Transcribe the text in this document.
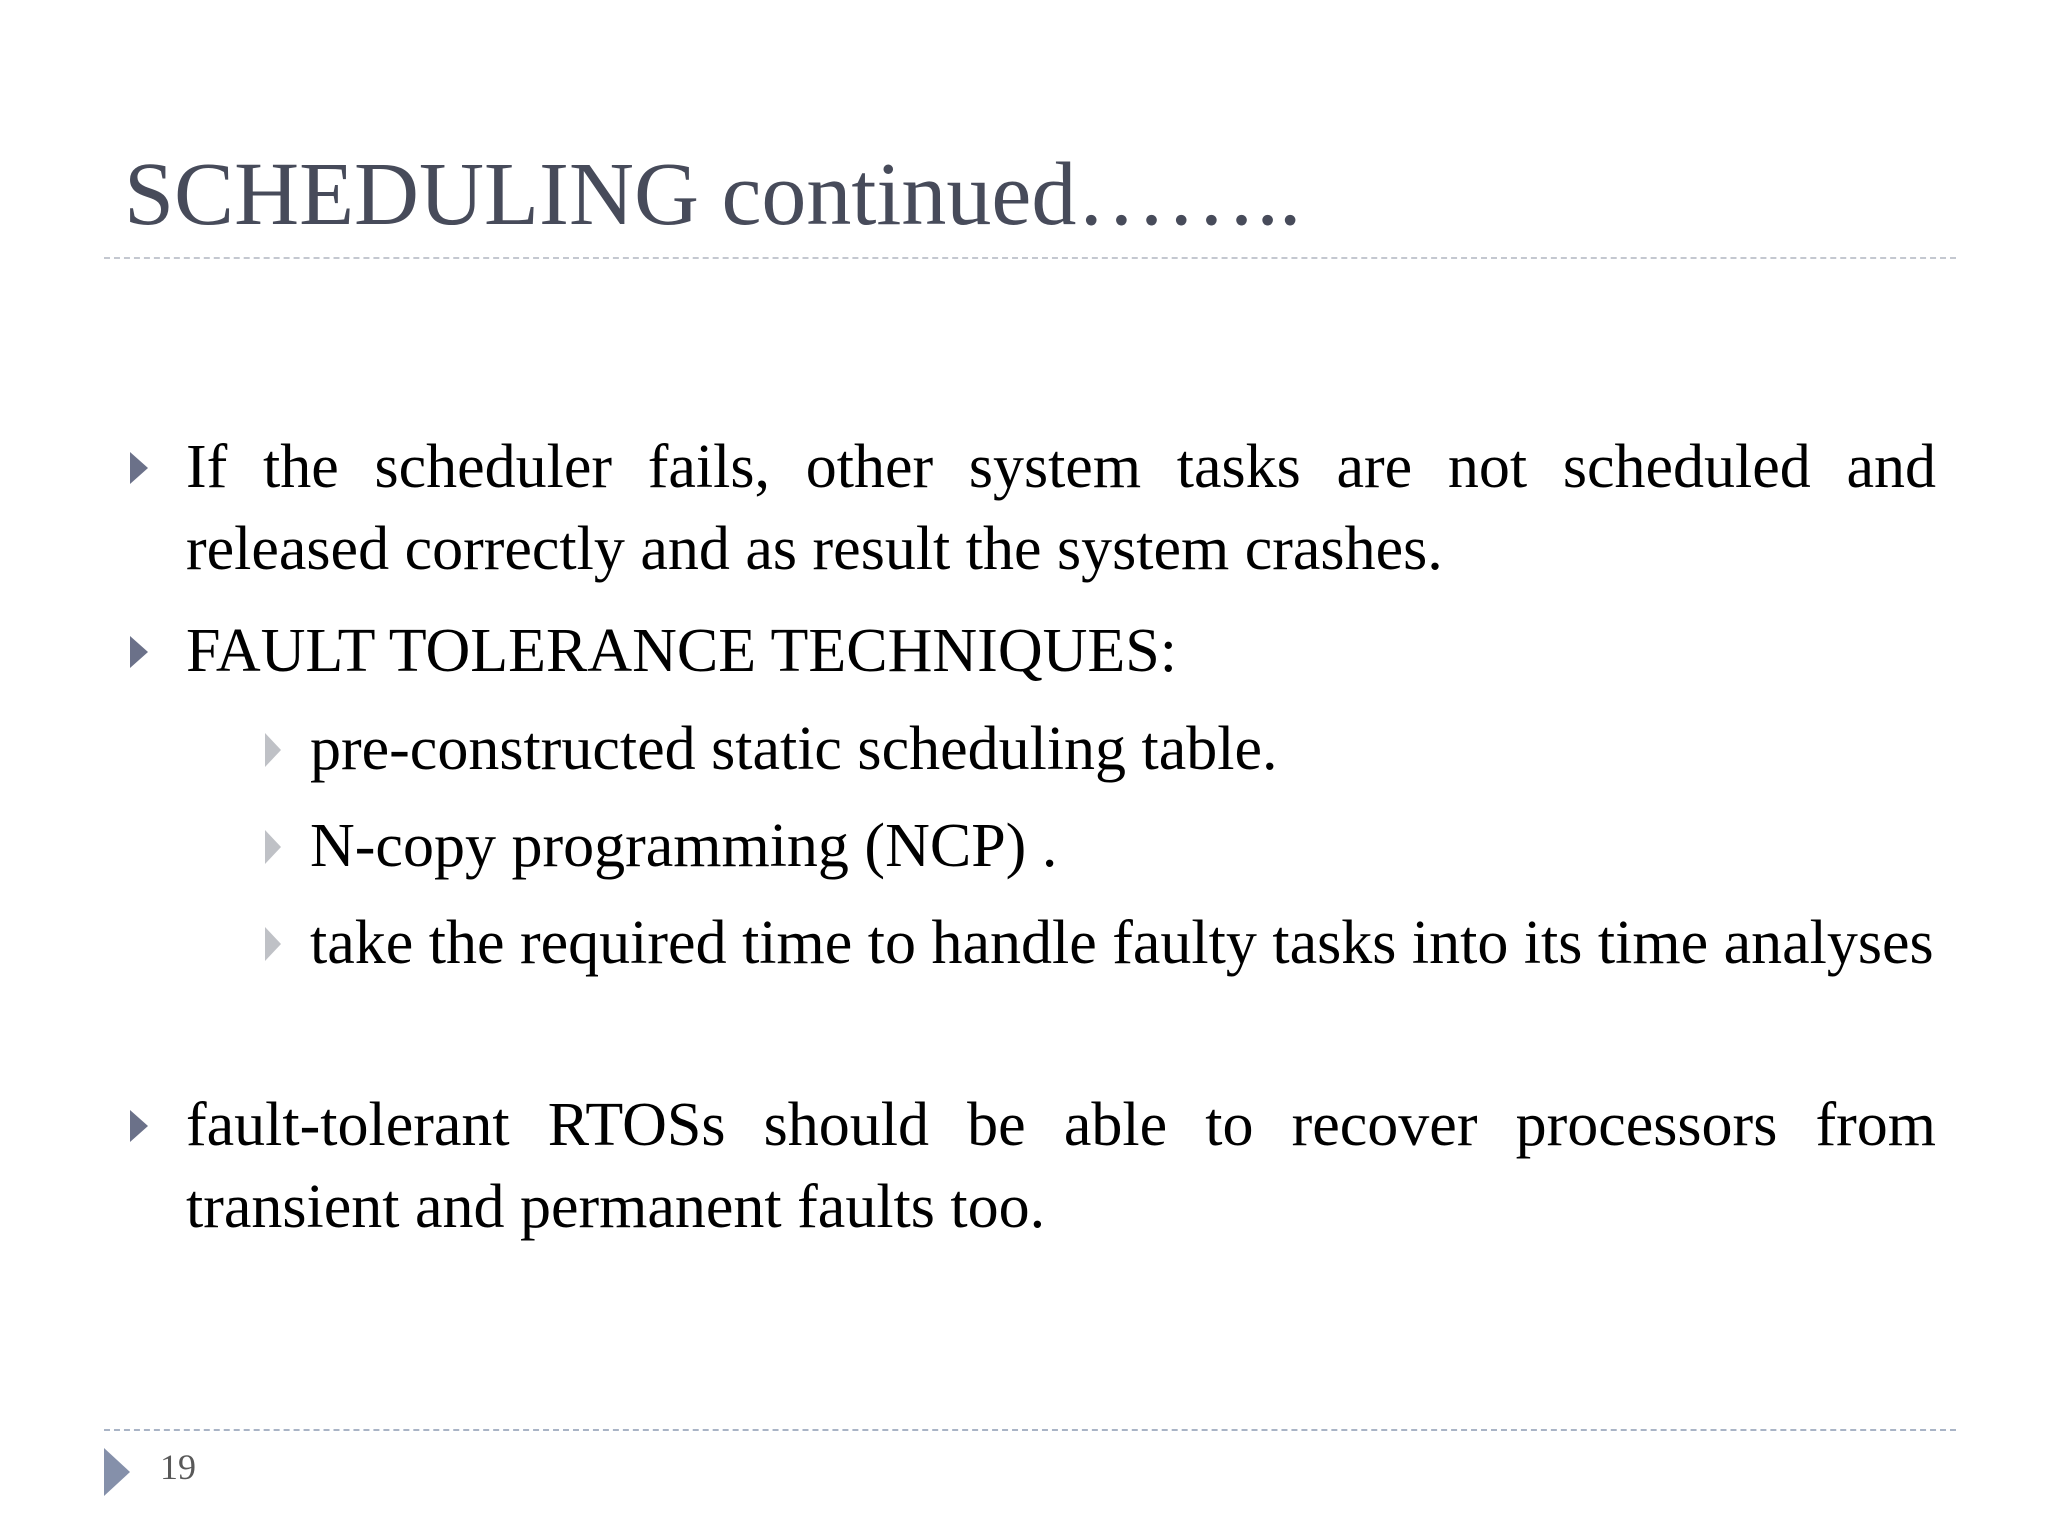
SCHEDULING continued……..
If the scheduler fails, other system tasks are not scheduled and released correctly and as result the system crashes.
FAULT TOLERANCE TECHNIQUES:
pre-constructed static scheduling table.
N-copy programming (NCP) .
take the required time to handle faulty tasks into its time analyses
fault-tolerant RTOSs should be able to recover processors from transient and permanent faults too.
19
